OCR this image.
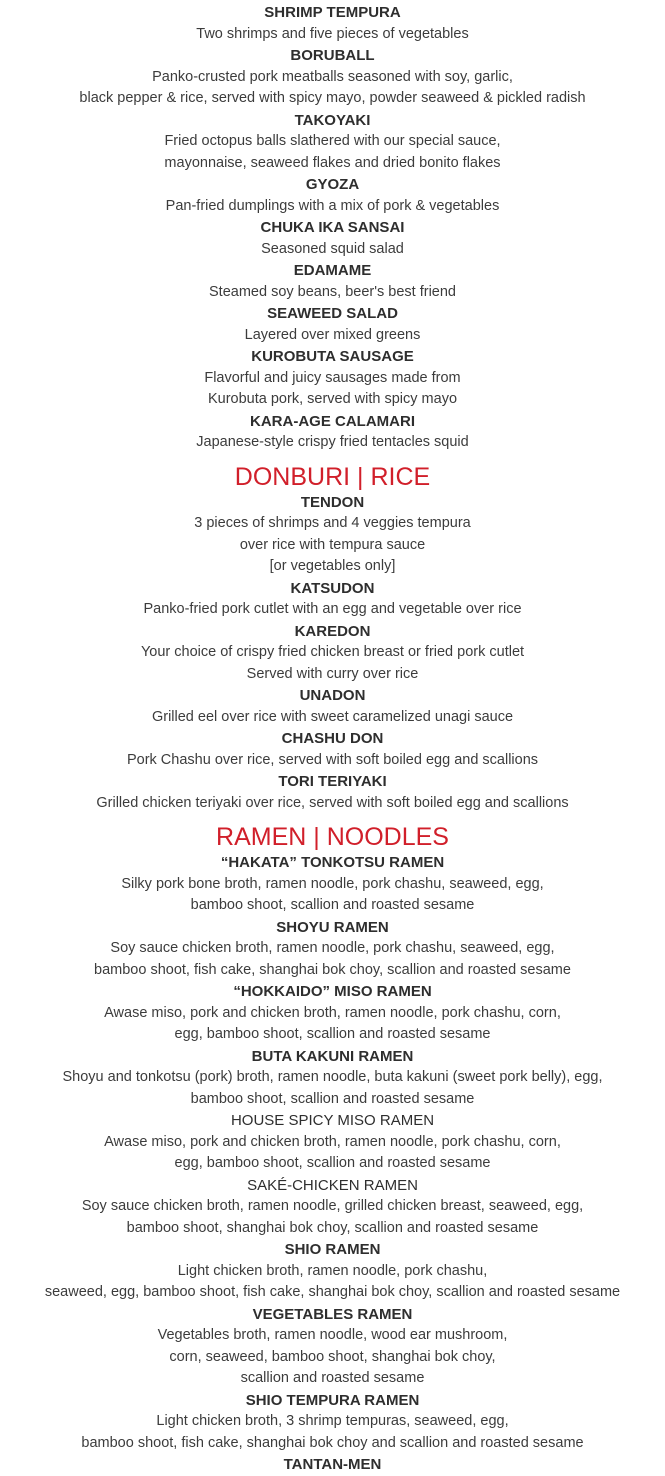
SHRIMP TEMPURA
Two shrimps and five pieces of vegetables
BORUBALL
Panko-crusted pork meatballs seasoned with soy, garlic,
black pepper & rice, served with spicy mayo, powder seaweed & pickled radish
TAKOYAKI
Fried octopus balls slathered with our special sauce,
mayonnaise, seaweed flakes and dried bonito flakes
GYOZA
Pan-fried dumplings with a mix of pork & vegetables
CHUKA IKA SANSAI
Seasoned squid salad
EDAMAME
Steamed soy beans, beer's best friend
SEAWEED SALAD
Layered over mixed greens
KUROBUTA SAUSAGE
Flavorful and juicy sausages made from
Kurobuta pork, served with spicy mayo
KARA-AGE CALAMARI
Japanese-style crispy fried tentacles squid
DONBURI | RICE
TENDON
3 pieces of shrimps and 4 veggies tempura
over rice with tempura sauce
[or vegetables only]
KATSUDON
Panko-fried pork cutlet with an egg and vegetable over rice
KAREDON
Your choice of crispy fried chicken breast or fried pork cutlet
Served with curry over rice
UNADON
Grilled eel over rice with sweet caramelized unagi sauce
CHASHU DON
Pork Chashu over rice, served with soft boiled egg and scallions
TORI TERIYAKI
Grilled chicken teriyaki over rice, served with soft boiled egg and scallions
RAMEN | NOODLES
“HAKATA” TONKOTSU RAMEN
Silky pork bone broth, ramen noodle, pork chashu, seaweed, egg,
bamboo shoot, scallion and roasted sesame
SHOYU RAMEN
Soy sauce chicken broth, ramen noodle, pork chashu, seaweed, egg,
bamboo shoot, fish cake, shanghai bok choy, scallion and roasted sesame
“HOKKAIDO” MISO RAMEN
Awase miso, pork and chicken broth, ramen noodle, pork chashu, corn,
egg, bamboo shoot, scallion and roasted sesame
BUTA KAKUNI RAMEN
Shoyu and tonkotsu (pork) broth, ramen noodle, buta kakuni (sweet pork belly), egg,
bamboo shoot, scallion and roasted sesame
HOUSE SPICY MISO RAMEN
Awase miso, pork and chicken broth, ramen noodle, pork chashu, corn,
egg, bamboo shoot, scallion and roasted sesame
SAKÉ-CHICKEN RAMEN
Soy sauce chicken broth, ramen noodle, grilled chicken breast, seaweed, egg,
bamboo shoot, shanghai bok choy, scallion and roasted sesame
SHIO RAMEN
Light chicken broth, ramen noodle, pork chashu,
seaweed, egg, bamboo shoot, fish cake, shanghai bok choy, scallion and roasted sesame
VEGETABLES RAMEN
Vegetables broth, ramen noodle, wood ear mushroom,
corn, seaweed, bamboo shoot, shanghai bok choy,
scallion and roasted sesame
SHIO TEMPURA RAMEN
Light chicken broth, 3 shrimp tempuras, seaweed, egg,
bamboo shoot, fish cake, shanghai bok choy and scallion and roasted sesame
TANTAN-MEN
